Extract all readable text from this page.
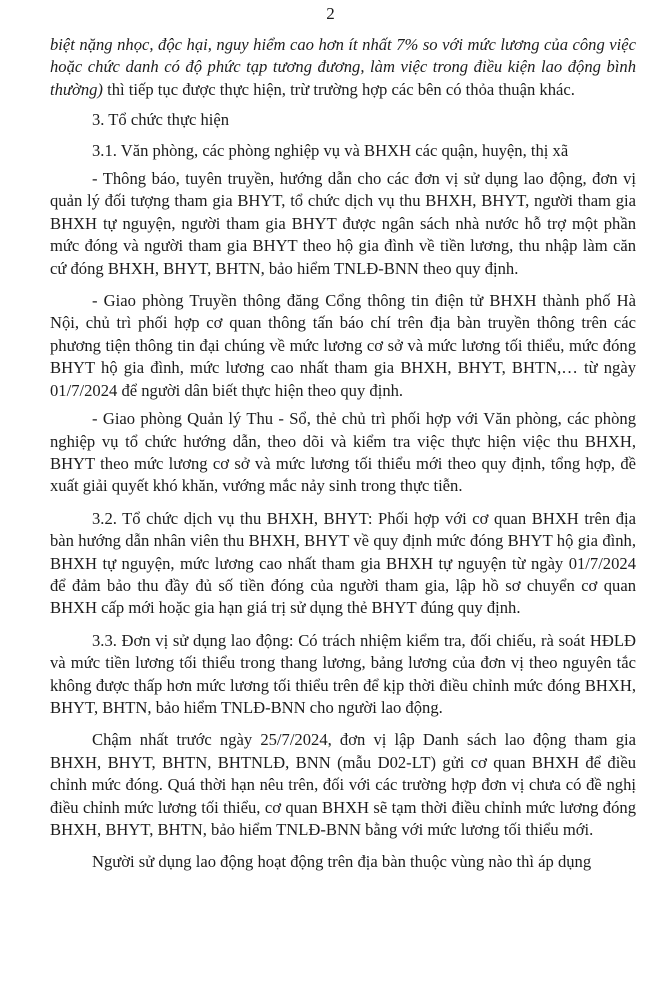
2

biệt nặng nhọc, độc hại, nguy hiểm cao hơn ít nhất 7% so với mức lương của công việc hoặc chức danh có độ phức tạp tương đương, làm việc trong điều kiện lao động bình thường) thì tiếp tục được thực hiện, trừ trường hợp các bên có thỏa thuận khác.

3. Tổ chức thực hiện

3.1. Văn phòng, các phòng nghiệp vụ và BHXH các quận, huyện, thị xã

- Thông báo, tuyên truyền, hướng dẫn cho các đơn vị sử dụng lao động, đơn vị quản lý đối tượng tham gia BHYT, tổ chức dịch vụ thu BHXH, BHYT, người tham gia BHXH tự nguyện, người tham gia BHYT được ngân sách nhà nước hỗ trợ một phần mức đóng và người tham gia BHYT theo hộ gia đình về tiền lương, thu nhập làm căn cứ đóng BHXH, BHYT, BHTN, bảo hiểm TNLĐ-BNN theo quy định.

- Giao phòng Truyền thông đăng Cổng thông tin điện tử BHXH thành phố Hà Nội, chủ trì phối hợp cơ quan thông tấn báo chí trên địa bàn truyền thông trên các phương tiện thông tin đại chúng về mức lương cơ sở và mức lương tối thiểu, mức đóng BHYT hộ gia đình, mức lương cao nhất tham gia BHXH, BHYT, BHTN,… từ ngày 01/7/2024 để người dân biết thực hiện theo quy định.

- Giao phòng Quản lý Thu - Sổ, thẻ chủ trì phối hợp với Văn phòng, các phòng nghiệp vụ tổ chức hướng dẫn, theo dõi và kiểm tra việc thực hiện việc thu BHXH, BHYT theo mức lương cơ sở và mức lương tối thiểu mới theo quy định, tổng hợp, đề xuất giải quyết khó khăn, vướng mắc nảy sinh trong thực tiễn.

3.2. Tổ chức dịch vụ thu BHXH, BHYT: Phối hợp với cơ quan BHXH trên địa bàn hướng dẫn nhân viên thu BHXH, BHYT về quy định mức đóng BHYT hộ gia đình, BHXH tự nguyện, mức lương cao nhất tham gia BHXH tự nguyện từ ngày 01/7/2024 để đảm bảo thu đầy đủ số tiền đóng của người tham gia, lập hồ sơ chuyển cơ quan BHXH cấp mới hoặc gia hạn giá trị sử dụng thẻ BHYT đúng quy định.

3.3. Đơn vị sử dụng lao động: Có trách nhiệm kiểm tra, đối chiếu, rà soát HĐLĐ và mức tiền lương tối thiểu trong thang lương, bảng lương của đơn vị theo nguyên tắc không được thấp hơn mức lương tối thiểu trên để kịp thời điều chỉnh mức đóng BHXH, BHYT, BHTN, bảo hiểm TNLĐ-BNN cho người lao động.

Chậm nhất trước ngày 25/7/2024, đơn vị lập Danh sách lao động tham gia BHXH, BHYT, BHTN, BHTNLĐ, BNN (mẫu D02-LT) gửi cơ quan BHXH để điều chỉnh mức đóng. Quá thời hạn nêu trên, đối với các trường hợp đơn vị chưa có đề nghị điều chỉnh mức lương tối thiểu, cơ quan BHXH sẽ tạm thời điều chỉnh mức lương đóng BHXH, BHYT, BHTN, bảo hiểm TNLĐ-BNN bằng với mức lương tối thiểu mới.

Người sử dụng lao động hoạt động trên địa bàn thuộc vùng nào thì áp dụng
